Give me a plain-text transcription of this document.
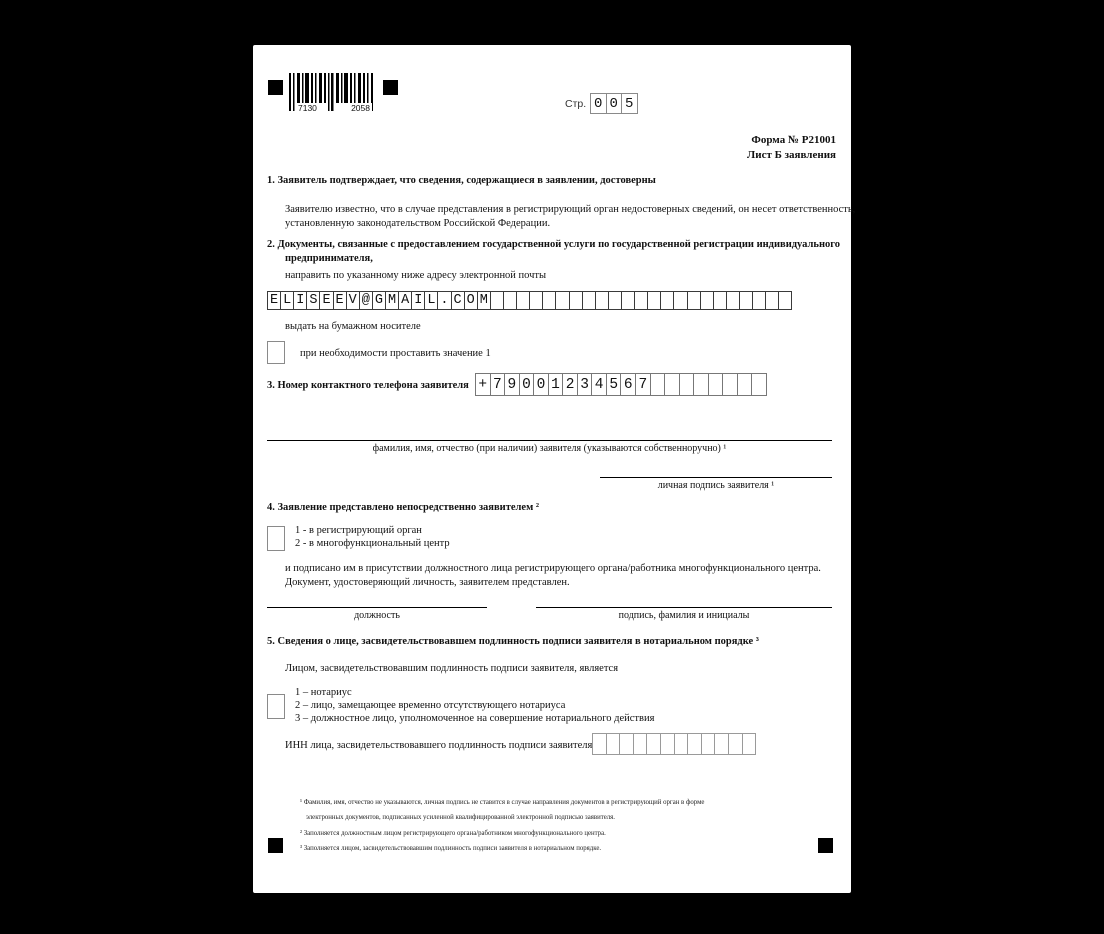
7130	2058	Стр. 0 0 5
Форма № Р21001
Лист Б заявления
1. Заявитель подтверждает, что сведения, содержащиеся в заявлении, достоверны
Заявителю известно, что в случае представления в регистрирующий орган недостоверных сведений, он несет ответственность,
установленную законодательством Российской Федерации.
2. Документы, связанные с предоставлением государственной услуги по государственной регистрации индивидуального
предпринимателя,
направить по указанному ниже адресу электронной почты
E L I S E E V @ G M A I L . C O M
выдать на бумажном носителе
при необходимости проставить значение 1
3. Номер контактного телефона заявителя + 7 9 0 0 1 2 3 4 5 6 7
фамилия, имя, отчество (при наличии) заявителя (указываются собственноручно) ¹
личная подпись заявителя ¹
4. Заявление представлено непосредственно заявителем ²
1 - в регистрирующий орган
2 - в многофункциональный центр
и подписано им в присутствии должностного лица регистрирующего органа/работника многофункционального центра.
Документ, удостоверяющий личность, заявителем представлен.
должность	подпись, фамилия и инициалы
5. Сведения о лице, засвидетельствовавшем подлинность подписи заявителя в нотариальном порядке ³
Лицом, засвидетельствовавшим подлинность подписи заявителя, является
1 – нотариус
2 – лицо, замещающее временно отсутствующего нотариуса
3 – должностное лицо, уполномоченное на совершение нотариального действия
ИНН лица, засвидетельствовавшего подлинность подписи заявителя
¹ Фамилия, имя, отчество не указываются, личная подпись не ставится в случае направления документов в регистрирующий орган в форме
электронных документов, подписанных усиленной квалифицированной электронной подписью заявителя.
² Заполняется должностным лицом регистрирующего органа/работником многофункционального центра.
³ Заполняется лицом, засвидетельствовавшим подлинность подписи заявителя в нотариальном порядке.
